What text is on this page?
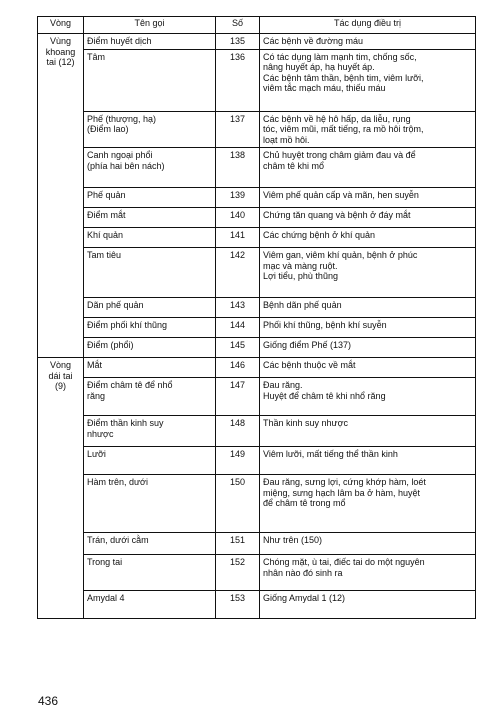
Vòng	Tên gọi	Số	Tác dụng điều trị

Vùng
khoang
tai (12)	Điểm huyết dịch	135	Các bệnh về đường máu

	Tâm	136	Có tác dụng làm mạnh tim, chống sốc,
nâng huyết áp, hạ huyết áp.
Các bệnh tâm thần, bệnh tim, viêm lưỡi,
viêm tắc mạch máu, thiếu máu

	Phế (thượng, hạ)
(Điểm lao)	137	Các bệnh về hệ hô hấp, da liễu, rụng
tóc, viêm mũi, mất tiếng, ra mồ hôi trộm,
loạt mồ hôi.

	Canh ngoại phổi
(phía hai bên nách)	138	Chủ huyệt trong châm giảm đau và để
châm tê khi mổ

	Phế quản	139	Viêm phế quản cấp và mãn, hen suyễn

	Điểm mắt	140	Chứng tăn quang và bệnh ở đáy mắt

	Khí quản	141	Các chứng bệnh ở khí quản

	Tam tiêu	142	Viêm gan, viêm khí quản, bệnh ở phúc
mạc và màng ruột.
Lợi tiểu, phù thũng

	Dãn phế quản	143	Bệnh dãn phế quản

	Điểm phối khí thũng	144	Phối khí thũng, bệnh khí suyễn

	Điểm (phổi)	145	Giống điểm Phế (137)

Vòng
dái tai
(9)	Mắt	146	Các bệnh thuộc về mắt

	Điểm châm tê để nhổ
răng	147	Đau răng.
Huyệt để châm tê khi nhổ răng

	Điểm thần kinh suy
nhược	148	Thần kinh suy nhược

	Lưỡi	149	Viêm lưỡi, mất tiếng thể thần kinh

	Hàm trên, dưới	150	Đau răng, sưng lợi, cứng khớp hàm, loét
miệng, sưng hạch lâm ba ở hàm, huyệt
để châm tê trong mổ

	Trán, dưới cằm	151	Như trên (150)

	Trong tai	152	Chóng mặt, ù tai, điếc tai do một nguyên
nhân nào đó sinh ra

	Amydal 4	153	Giống Amydal 1 (12)
436
